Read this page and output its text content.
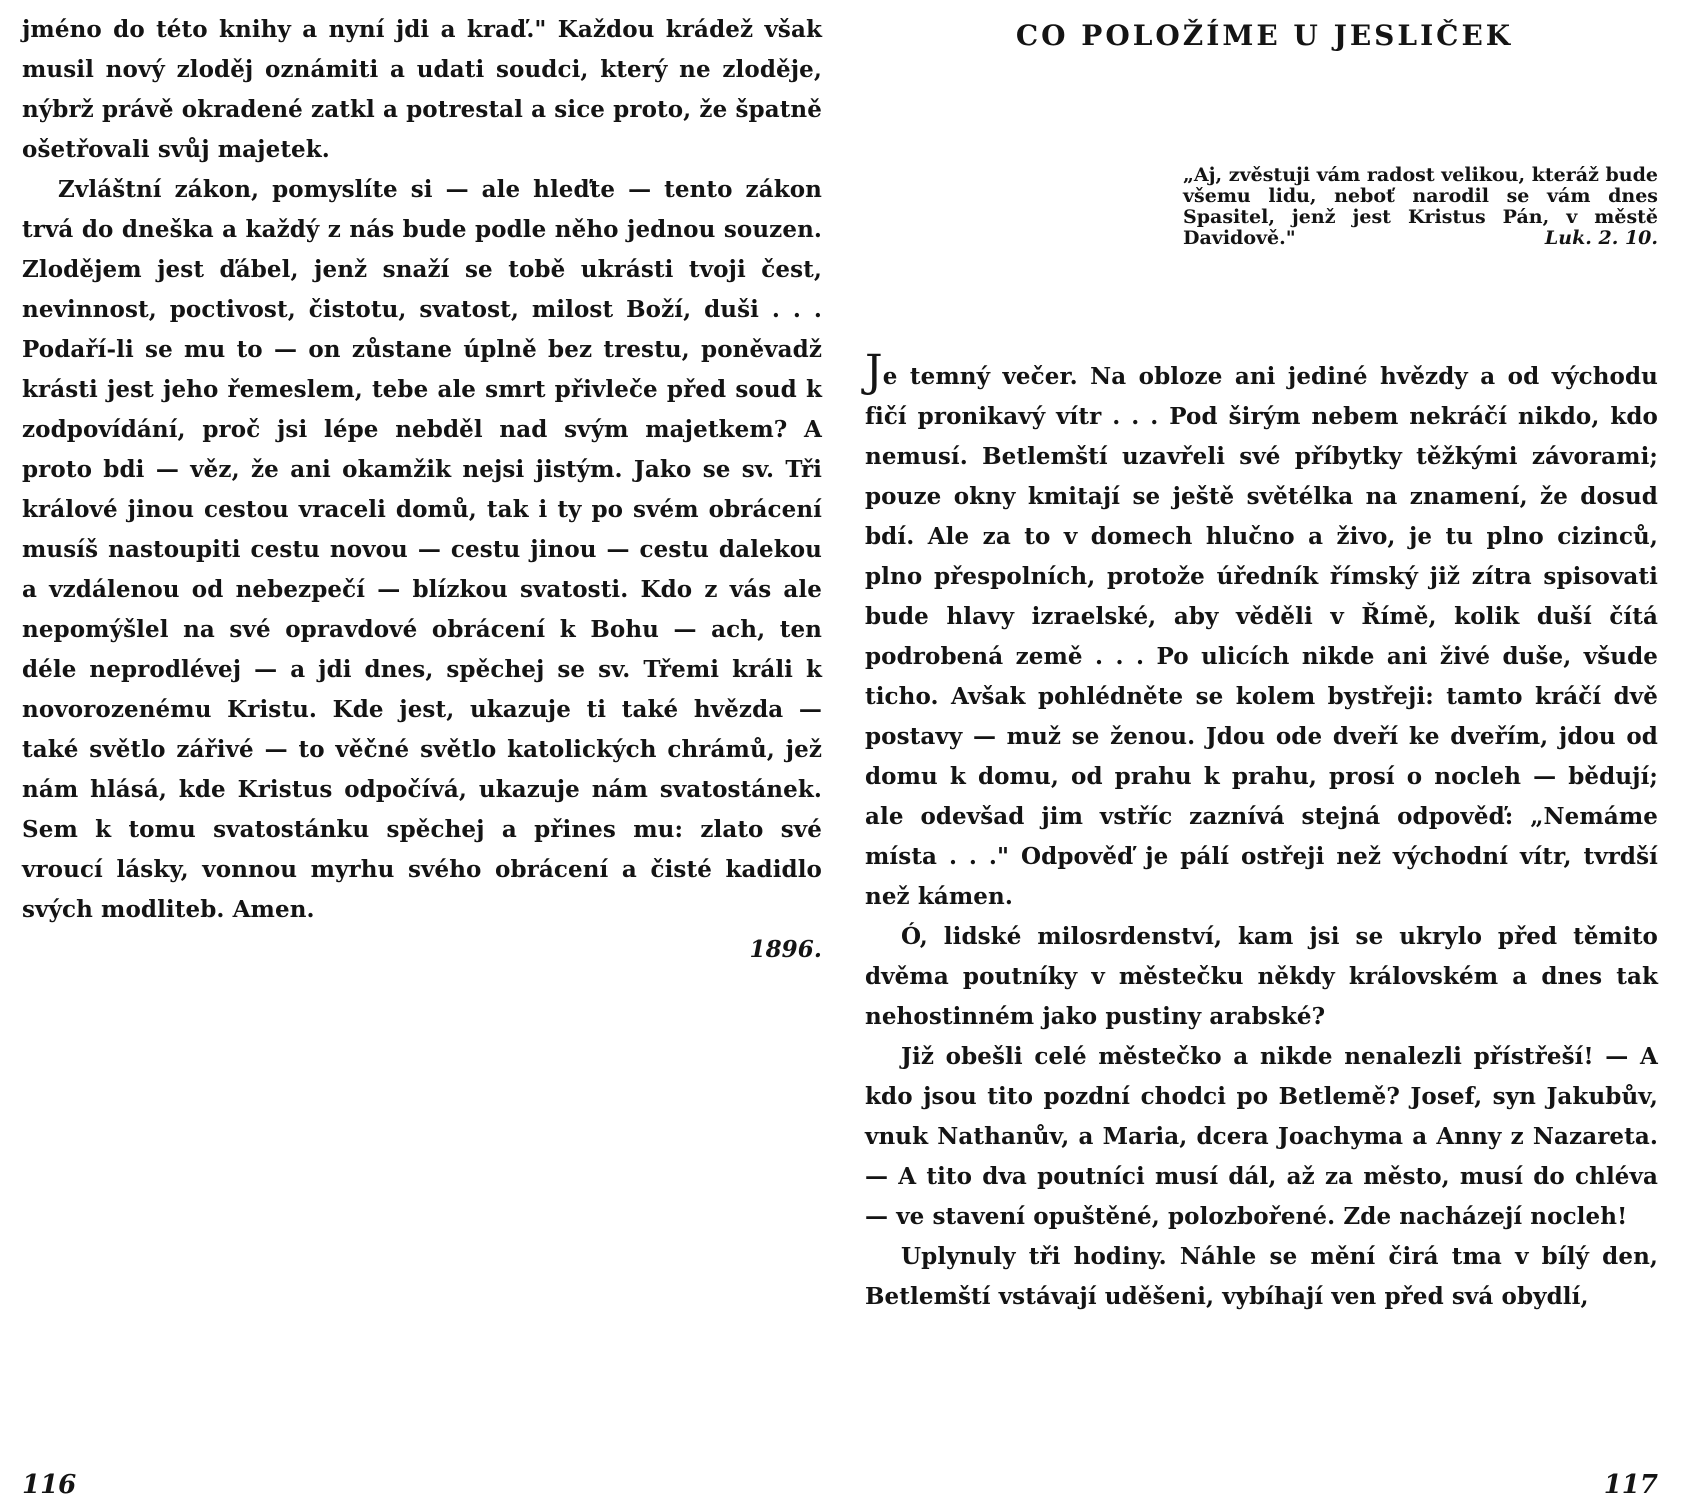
jméno do této knihy a nyní jdi a kraď." Každou krádež však musil nový zloděj oznámiti a udati soudci, který ne zloděje, nýbrž právě okradené zatkl a potrestal a sice proto, že špatně ošetřovali svůj majetek.

Zvláštní zákon, pomyslíte si — ale hleďte — tento zákon trvá do dneška a každý z nás bude podle něho jednou souzen. Zlodějem jest ďábel, jenž snaží se tobě ukrásti tvoji čest, nevinnost, poctivost, čistotu, svatost, milost Boží, duši . . . Podaří-li se mu to — on zůstane úplně bez trestu, poněvadž krásti jest jeho řemeslem, tebe ale smrt přivleče před soud k zodpovídání, proč jsi lépe nebděl nad svým majetkem? A proto bdi — věz, že ani okamžik nejsi jistým. Jako se sv. Tři králové jinou cestou vraceli domů, tak i ty po svém obrácení musíš nastoupiti cestu novou — cestu jinou — cestu dalekou a vzdálenou od nebezpečí — blízkou svatosti. Kdo z vás ale nepomýšlel na své opravdové obrácení k Bohu — ach, ten déle neprodlévej — a jdi dnes, spěchej se sv. Třemi králi k novorozenému Kristu. Kde jest, ukazuje ti také hvězda — také světlo zářivé — to věčné světlo katolických chrámů, jež nám hlásá, kde Kristus odpočívá, ukazuje nám svatostánek. Sem k tomu svatostánku spěchej a přines mu: zlato své vroucí lásky, vonnou myrhu svého obrácení a čisté kadidlo svých modliteb. Amen.

1896.

116
CO POLOŽÍME U JESLIČEK
„Aj, zvěstuji vám radost velikou, kteráž bude všemu lidu, neboť narodil se vám dnes Spasitel, jenž jest Kristus Pán, v městě Davidově."	Luk. 2. 10.

Je temný večer. Na obloze ani jediné hvězdy a od východu fičí pronikavý vítr . . . Pod širým nebem nekráčí nikdo, kdo nemusí. Betlemští uzavřeli své příbytky těžkými závorami; pouze okny kmitají se ještě světélka na znamení, že dosud bdí. Ale za to v domech hlučno a živo, je tu plno cizinců, plno přespolních, protože úředník římský již zítra spisovati bude hlavy izraelské, aby věděli v Římě, kolik duší čítá podrobená země . . . Po ulicích nikde ani živé duše, všude ticho. Avšak pohlédněte se kolem bystřeji: tamto kráčí dvě postavy — muž se ženou. Jdou ode dveří ke dveřím, jdou od domu k domu, od prahu k prahu, prosí o nocleh — bědují; ale odevšad jim vstříc zaznívá stejná odpověď: „Nemáme místa . . ." Odpověď je pálí ostřeji než východní vítr, tvrdší než kámen.

Ó, lidské milosrdenství, kam jsi se ukrylo před těmito dvěma poutníky v městečku někdy královském a dnes tak nehostinném jako pustiny arabské?

Již obešli celé městečko a nikde nenalezli přístřeší! — A kdo jsou tito pozdní chodci po Betlemě? Josef, syn Jakubův, vnuk Nathanův, a Maria, dcera Joachyma a Anny z Nazareta. — A tito dva poutníci musí dál, až za město, musí do chléva — ve stavení opuštěné, polozbořené. Zde nacházejí nocleh!

Uplynuly tři hodiny. Náhle se mění čirá tma v bílý den, Betlemští vstávají uděšeni, vybíhají ven před svá obydlí,

117
